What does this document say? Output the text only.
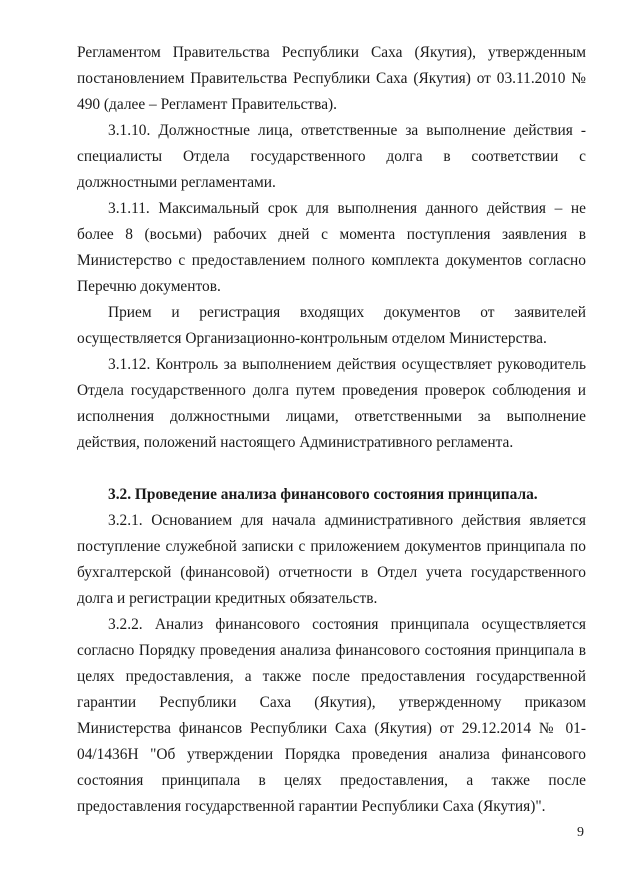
Регламентом Правительства Республики Саха (Якутия), утвержденным постановлением Правительства Республики Саха (Якутия) от 03.11.2010 № 490 (далее – Регламент Правительства).

3.1.10. Должностные лица, ответственные за выполнение действия - специалисты Отдела государственного долга в соответствии с должностными регламентами.

3.1.11. Максимальный срок для выполнения данного действия – не более 8 (восьми) рабочих дней с момента поступления заявления в Министерство с предоставлением полного комплекта документов согласно Перечню документов.

Прием и регистрация входящих документов от заявителей осуществляется Организационно-контрольным отделом Министерства.

3.1.12. Контроль за выполнением действия осуществляет руководитель Отдела государственного долга путем проведения проверок соблюдения и исполнения должностными лицами, ответственными за выполнение действия, положений настоящего Административного регламента.

3.2. Проведение анализа финансового состояния принципала.

3.2.1. Основанием для начала административного действия является поступление служебной записки с приложением документов принципала по бухгалтерской (финансовой) отчетности в Отдел учета государственного долга и регистрации кредитных обязательств.

3.2.2. Анализ финансового состояния принципала осуществляется согласно Порядку проведения анализа финансового состояния принципала в целях предоставления, а также после предоставления государственной гарантии Республики Саха (Якутия), утвержденному приказом Министерства финансов Республики Саха (Якутия) от 29.12.2014 № 01-04/1436Н "Об утверждении Порядка проведения анализа финансового состояния принципала в целях предоставления, а также после предоставления государственной гарантии Республики Саха (Якутия)".

9
